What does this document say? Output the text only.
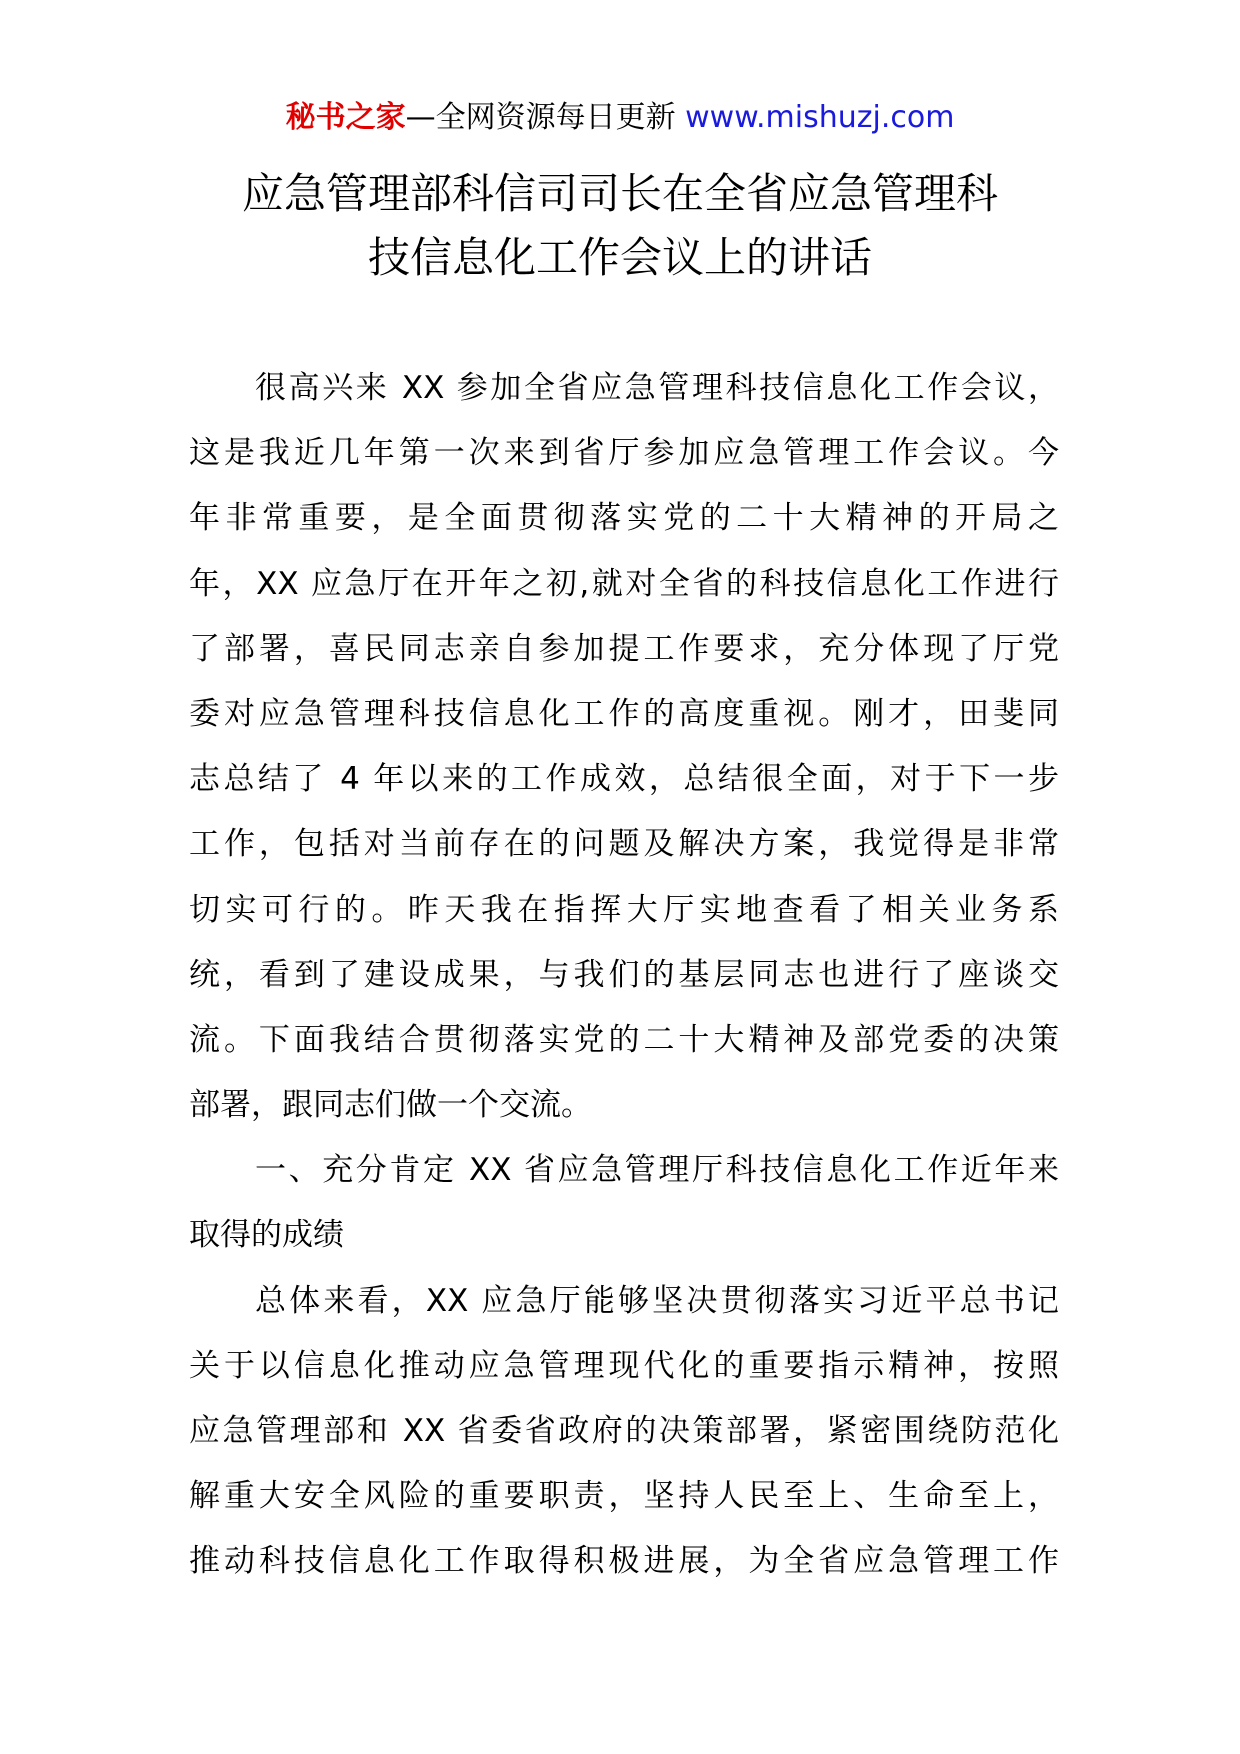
秘书之家—全网资源每日更新 www.mishuzj.com
应急管理部科信司司长在全省应急管理科
技信息化工作会议上的讲话
很高兴来 XX 参加全省应急管理科技信息化工作会议，
这是我近几年第一次来到省厅参加应急管理工作会议。今
年非常重要，是全面贯彻落实党的二十大精神的开局之
年，XX 应急厅在开年之初,就对全省的科技信息化工作进行
了部署，喜民同志亲自参加提工作要求，充分体现了厅党
委对应急管理科技信息化工作的高度重视。刚才，田斐同
志总结了 4 年以来的工作成效，总结很全面，对于下一步
工作，包括对当前存在的问题及解决方案，我觉得是非常
切实可行的。昨天我在指挥大厅实地查看了相关业务系
统，看到了建设成果，与我们的基层同志也进行了座谈交
流。下面我结合贯彻落实党的二十大精神及部党委的决策
部署，跟同志们做一个交流。
一、充分肯定 XX 省应急管理厅科技信息化工作近年来
取得的成绩
总体来看，XX 应急厅能够坚决贯彻落实习近平总书记
关于以信息化推动应急管理现代化的重要指示精神，按照
应急管理部和 XX 省委省政府的决策部署，紧密围绕防范化
解重大安全风险的重要职责，坚持人民至上、生命至上，
推动科技信息化工作取得积极进展，为全省应急管理工作
